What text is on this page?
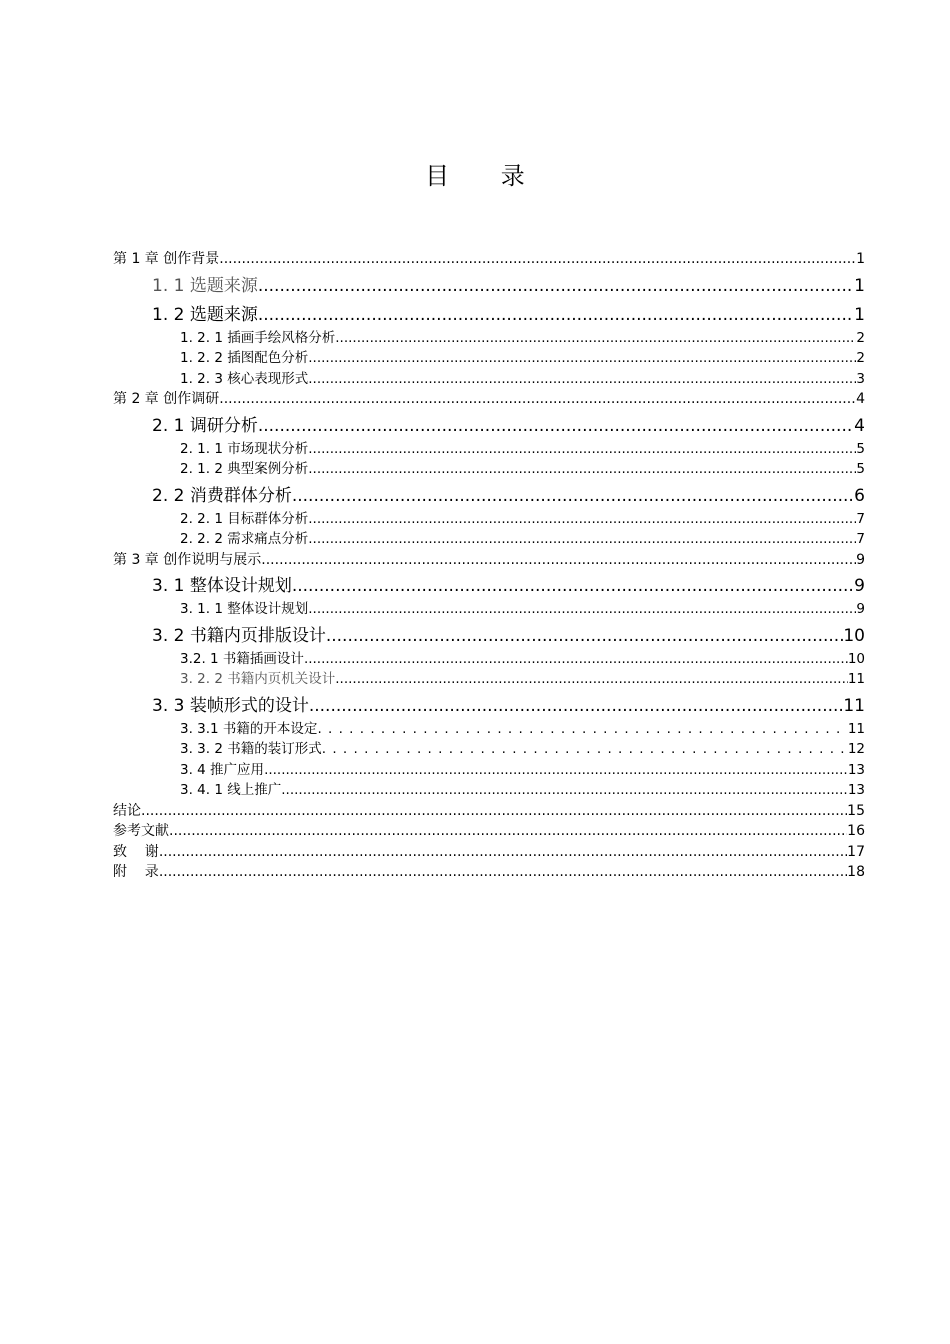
目 录
第 1 章 创作背景 .....	1
1. 1 选题来源 .....	1
1. 2 选题来源 .....	1
1. 2. 1 插画手绘风格分析 .....	2
1. 2. 2 插图配色分析 .....	2
1. 2. 3 核心表现形式 .....	3
第 2 章 创作调研 .....	4
2. 1 调研分析 .....	4
2. 1. 1 市场现状分析 .....	5
2. 1. 2 典型案例分析 .....	5
2. 2 消费群体分析 .....	6
2. 2. 1 目标群体分析 .....	7
2. 2. 2 需求痛点分析 .....	7
第 3 章 创作说明与展示 .....	9
3. 1 整体设计规划 .....	9
3. 1. 1 整体设计规划 .....	9
3. 2 书籍内页排版设计 .....	10
3.2. 1 书籍插画设计 .....	10
3. 2. 2 书籍内页机关设计 .....	11
3. 3 装帧形式的设计 .....	11
3. 3.1 书籍的开本设定 . . .	11
3. 3. 2 书籍的装订形式 . . .	12
3. 4 推广应用 .....	13
3. 4. 1 线上推广 .....	13
结论 .....	15
参考文献 .....	16
致    谢 .....	17
附    录 .....	18
